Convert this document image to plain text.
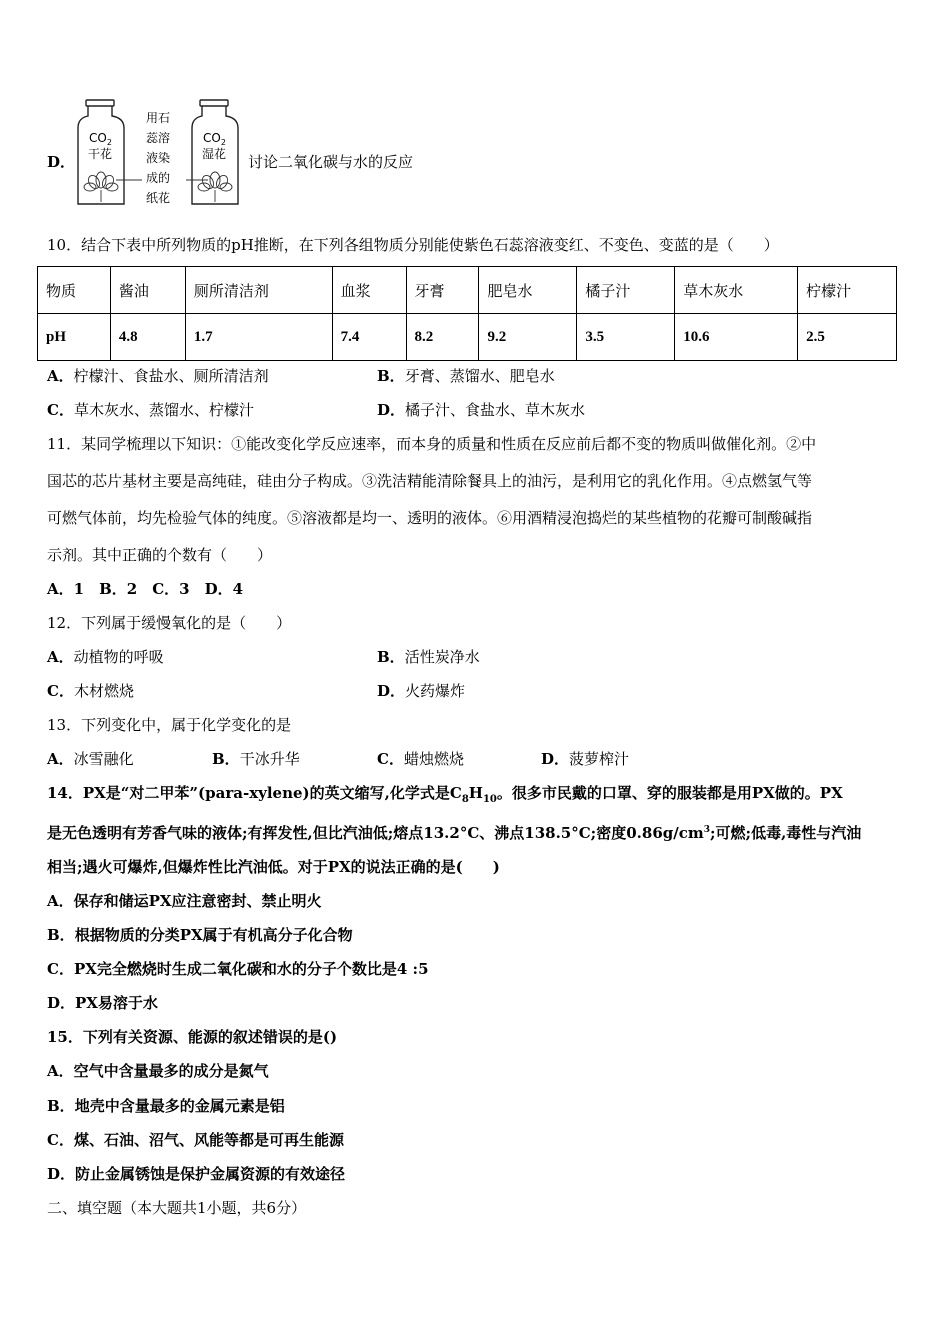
D．
$CO_2$
干花
$CO_2$
湿花
用石 蕊溶 液染 成的 纸花
讨论二氧化碳与水的反应
10．结合下表中所列物质的pH推断，在下列各组物质分别能使紫色石蕊溶液变红、不变色、变蓝的是（　　）
物质	酱油	厕所清洁剂	血浆	牙膏	肥皂水	橘子汁	草木灰水	柠檬汁
pH	4.8	1.7	7.4	8.2	9.2	3.5	10.6	2.5
A．柠檬汁、食盐水、厕所清洁剂	B．牙膏、蒸馏水、肥皂水
C．草木灰水、蒸馏水、柠檬汁	D．橘子汁、食盐水、草木灰水
11．某同学梳理以下知识：①能改变化学反应速率，而本身的质量和性质在反应前后都不变的物质叫做催化剂。②中
国芯的芯片基材主要是高纯硅，硅由分子构成。③洗洁精能清除餐具上的油污，是利用它的乳化作用。④点燃氢气等
可燃气体前，均先检验气体的纯度。⑤溶液都是均一、透明的液体。⑥用酒精浸泡捣烂的某些植物的花瓣可制酸碱指
示剂。其中正确的个数有（　　）
A．1　B．2　C．3　D．4
12．下列属于缓慢氧化的是（　　）
A．动植物的呼吸	B．活性炭净水
C．木材燃烧	D．火药爆炸
13．下列变化中，属于化学变化的是
A．冰雪融化	B．干冰升华	C．蜡烛燃烧	D．菠萝榨汁
14．PX是“对二甲苯”(para-xylene)的英文缩写,化学式是$C_8H_{10}$。很多市民戴的口罩、穿的服装都是用PX做的。PX
是无色透明有芳香气味的液体;有挥发性,但比汽油低;熔点13.2°C、沸点138.5°C;密度$0.86g/cm^3$;可燃;低毒,毒性与汽油
相当;遇火可爆炸,但爆炸性比汽油低。对于PX的说法正确的是(　　)
A．保存和储运PX应注意密封、禁止明火
B．根据物质的分类PX属于有机高分子化合物
C．PX完全燃烧时生成二氧化碳和水的分子个数比是4 :5
D．PX易溶于水
15．下列有关资源、能源的叙述错误的是()
A．空气中含量最多的成分是氮气
B．地壳中含量最多的金属元素是铝
C．煤、石油、沼气、风能等都是可再生能源
D．防止金属锈蚀是保护金属资源的有效途径
二、填空题（本大题共1小题，共6分）
